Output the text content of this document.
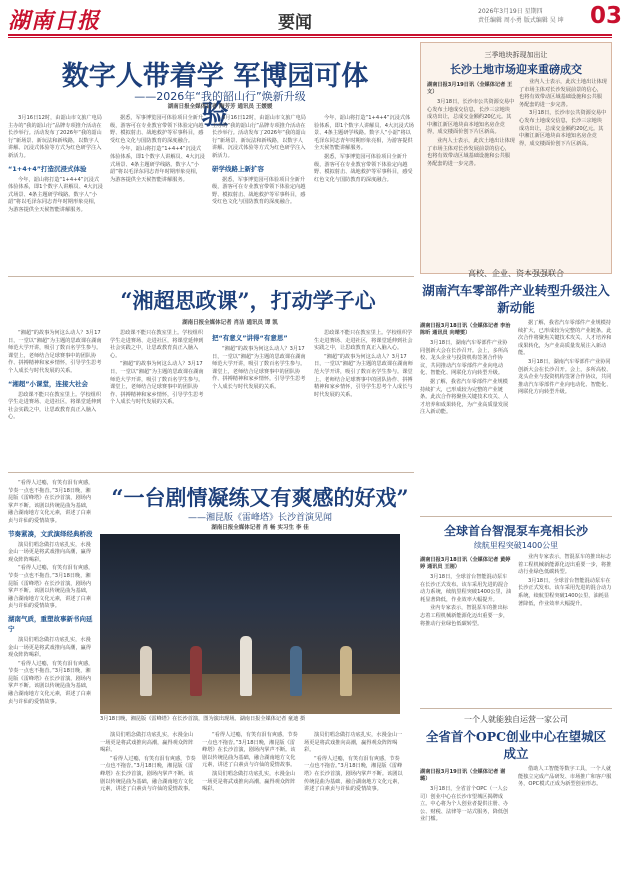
湖南日报	要闻
2026年3月19日 星期四
责任编辑 周小勇 版式编辑 吴 坤	03
数字人带着学 军博园可体验
——2026年“我的韶山行”焕新升级
湖南日报全媒体记者 陶芳芳 通讯员 王媛媛

3月16日12时，由韶山市文旅广电局主办的“我的韶山行”品牌专项推介活动在长沙举行。活动发布了2026年“我的韶山行”新场景、新玩法和新线路，以数字人讲解、沉浸式体验等方式为红色研学注入新活力。

“1+4+4”打造沉浸式体验

今年，韶山将打造“1+4+4”沉浸式体验体系，即1个数字人讲解员、4大沉浸式场景、4条主题研学线路。数字人“小韶”将以毛泽东同志青年时期形象亮相，为游客提供全天候智能讲解服务。

据悉，军事博览园可体验项目全新升级，游客可在专业教官带领下体验定向越野、模拟射击、战地救护等军事科目，感受红色文化与国防教育的深度融合。

今年，韶山将打造“1+4+4”沉浸式体验体系，即1个数字人讲解员、4大沉浸式场景、4条主题研学线路。数字人“小韶”将以毛泽东同志青年时期形象亮相，为游客提供全天候智能讲解服务。

3月16日12时，由韶山市文旅广电局主办的“我的韶山行”品牌专项推介活动在长沙举行。活动发布了2026年“我的韶山行”新场景、新玩法和新线路，以数字人讲解、沉浸式体验等方式为红色研学注入新活力。

研学线路上新扩容

据悉，军事博览园可体验项目全新升级，游客可在专业教官带领下体验定向越野、模拟射击、战地救护等军事科目，感受红色文化与国防教育的深度融合。

今年，韶山将打造“1+4+4”沉浸式体验体系，即1个数字人讲解员、4大沉浸式场景、4条主题研学线路。数字人“小韶”将以毛泽东同志青年时期形象亮相，为游客提供全天候智能讲解服务。

据悉，军事博览园可体验项目全新升级，游客可在专业教官带领下体验定向越野、模拟射击、战地救护等军事科目，感受红色文化与国防教育的深度融合。

三季地块拆现加出让
长沙土地市场迎来重磅成交
湖南日报3月19日讯（全媒体记者 王文）

3月18日，长沙市公共资源交易中心发布土地成交信息，长沙三宗地块成功出让，总成交金额约20亿元。其中湘江新区地块由本地知名房企竞得，成交楼面价创下片区新高。

业内人士表示，此次土地出让体现了市场主体对长沙发展前景的信心，也将有效带动区域基础设施和公共服务配套的进一步完善。

业内人士表示，此次土地出让体现了市场主体对长沙发展前景的信心，也将有效带动区域基础设施和公共服务配套的进一步完善。

3月18日，长沙市公共资源交易中心发布土地成交信息，长沙三宗地块成功出让，总成交金额约20亿元。其中湘江新区地块由本地知名房企竞得，成交楼面价创下片区新高。

“湘超思政课”，打动学子心
湖南日报全媒体记者 肖洁 通讯员 谭 凯

“湘超”的故事为何这么动人？3月17日，一堂以“湘超”为主题的思政课在湖南师范大学开讲，吸引了数百名学生参与。课堂上，老师结合足球赛事中的团队协作、拼搏精神和家乡情怀，引导学生思考个人成长与时代发展的关系。

“湘超”小课堂，连接大社会

思政课不能只在教室里上。学校组织学生走进赛场、走进社区，将课堂延伸到社会实践之中，让思政教育真正入脑入心。

思政课不能只在教室里上。学校组织学生走进赛场、走进社区，将课堂延伸到社会实践之中，让思政教育真正入脑入心。

“湘超”的故事为何这么动人？3月17日，一堂以“湘超”为主题的思政课在湖南师范大学开讲，吸引了数百名学生参与。课堂上，老师结合足球赛事中的团队协作、拼搏精神和家乡情怀，引导学生思考个人成长与时代发展的关系。

把“有意义”讲得“有意思”

“湘超”的故事为何这么动人？3月17日，一堂以“湘超”为主题的思政课在湖南师范大学开讲，吸引了数百名学生参与。课堂上，老师结合足球赛事中的团队协作、拼搏精神和家乡情怀，引导学生思考个人成长与时代发展的关系。

思政课不能只在教室里上。学校组织学生走进赛场、走进社区，将课堂延伸到社会实践之中，让思政教育真正入脑入心。

“湘超”的故事为何这么动人？3月17日，一堂以“湘超”为主题的思政课在湖南师范大学开讲，吸引了数百名学生参与。课堂上，老师结合足球赛事中的团队协作、拼搏精神和家乡情怀，引导学生思考个人成长与时代发展的关系。

高校、企业、资本强强联合
湖南汽车零部件产业转型升级注入新动能
湖南日报3月18日讯（全媒体记者 李治 陈昕 通讯员 向晴雯）

3月18日，湖南汽车零部件产业协同创新大会在长沙召开。会上，多所高校、龙头企业与投资机构签署合作协议，共同推动汽车零部件产业向电动化、智能化、网联化方向转型升级。

据了解，我省汽车零部件产业规模持续扩大，已形成较为完整的产业链条。此次合作将聚焦关键技术攻关、人才培养和成果转化，为产业高质量发展注入新动能。

据了解，我省汽车零部件产业规模持续扩大，已形成较为完整的产业链条。此次合作将聚焦关键技术攻关、人才培养和成果转化，为产业高质量发展注入新动能。

3月18日，湖南汽车零部件产业协同创新大会在长沙召开。会上，多所高校、龙头企业与投资机构签署合作协议，共同推动汽车零部件产业向电动化、智能化、网联化方向转型升级。

“一台剧情凝练又有爽感的好戏”
——湘昆版《雷峰塔》长沙首演见闻
湖南日报全媒体记者 肖 畅 实习生 李 佳

“看得人过瘾，有笑有泪有爽感，节奏一点也不拖沓。”3月18日晚，湘昆版《雷峰塔》在长沙首演，剧场内掌声不断。该剧以传统昆曲为基础，融合湖南地方文化元素，讲述了白素贞与许仙的爱情故事。

节奏紧凑，文武演绎经典桥段

演员们唱念做打功底扎实，水漫金山一场更是将武戏推向高潮，赢得观众阵阵喝彩。

“看得人过瘾，有笑有泪有爽感，节奏一点也不拖沓。”3月18日晚，湘昆版《雷峰塔》在长沙首演，剧场内掌声不断。该剧以传统昆曲为基础，融合湖南地方文化元素，讲述了白素贞与许仙的爱情故事。

湖南气质，重塑故事新书向延宁

演员们唱念做打功底扎实，水漫金山一场更是将武戏推向高潮，赢得观众阵阵喝彩。

“看得人过瘾，有笑有泪有爽感，节奏一点也不拖沓。”3月18日晚，湘昆版《雷峰塔》在长沙首演，剧场内掌声不断。该剧以传统昆曲为基础，融合湖南地方文化元素，讲述了白素贞与许仙的爱情故事。

3月18日晚，湘昆版《雷峰塔》在长沙首演，图为演出现场。湖南日报全媒体记者 童迪 摄

演员们唱念做打功底扎实，水漫金山一场更是将武戏推向高潮，赢得观众阵阵喝彩。

“看得人过瘾，有笑有泪有爽感，节奏一点也不拖沓。”3月18日晚，湘昆版《雷峰塔》在长沙首演，剧场内掌声不断。该剧以传统昆曲为基础，融合湖南地方文化元素，讲述了白素贞与许仙的爱情故事。

“看得人过瘾，有笑有泪有爽感，节奏一点也不拖沓。”3月18日晚，湘昆版《雷峰塔》在长沙首演，剧场内掌声不断。该剧以传统昆曲为基础，融合湖南地方文化元素，讲述了白素贞与许仙的爱情故事。

演员们唱念做打功底扎实，水漫金山一场更是将武戏推向高潮，赢得观众阵阵喝彩。

演员们唱念做打功底扎实，水漫金山一场更是将武戏推向高潮，赢得观众阵阵喝彩。

“看得人过瘾，有笑有泪有爽感，节奏一点也不拖沓。”3月18日晚，湘昆版《雷峰塔》在长沙首演，剧场内掌声不断。该剧以传统昆曲为基础，融合湖南地方文化元素，讲述了白素贞与许仙的爱情故事。

全球首台智混泵车亮相长沙
续航里程突破1400公里
湖南日报3月18日讯（全媒体记者 黄婷婷 通讯员 王刚）

3月18日，全球首台智能混动泵车在长沙正式发布。该车采用先进的混合动力系统，续航里程突破1400公里，油耗显著降低，作业效率大幅提升。

业内专家表示，智混泵车的推出标志着工程机械新能源化迈出重要一步，将推动行业绿色低碳转型。

业内专家表示，智混泵车的推出标志着工程机械新能源化迈出重要一步，将推动行业绿色低碳转型。

3月18日，全球首台智能混动泵车在长沙正式发布。该车采用先进的混合动力系统，续航里程突破1400公里，油耗显著降低，作业效率大幅提升。

一个人就能独自运营一家公司
全省首个OPC创业中心在望城区成立
湖南日报3月19日讯（全媒体记者 谢璐）

3月18日，全省首个OPC（一人公司）创业中心在长沙市望城区揭牌成立。中心将为个人创业者提供注册、办公、财税、法律等一站式服务，降低创业门槛。

借助人工智能等数字工具，一个人就能独立完成产品研发、市场推广和客户服务，OPC模式正成为新型创业形态。
